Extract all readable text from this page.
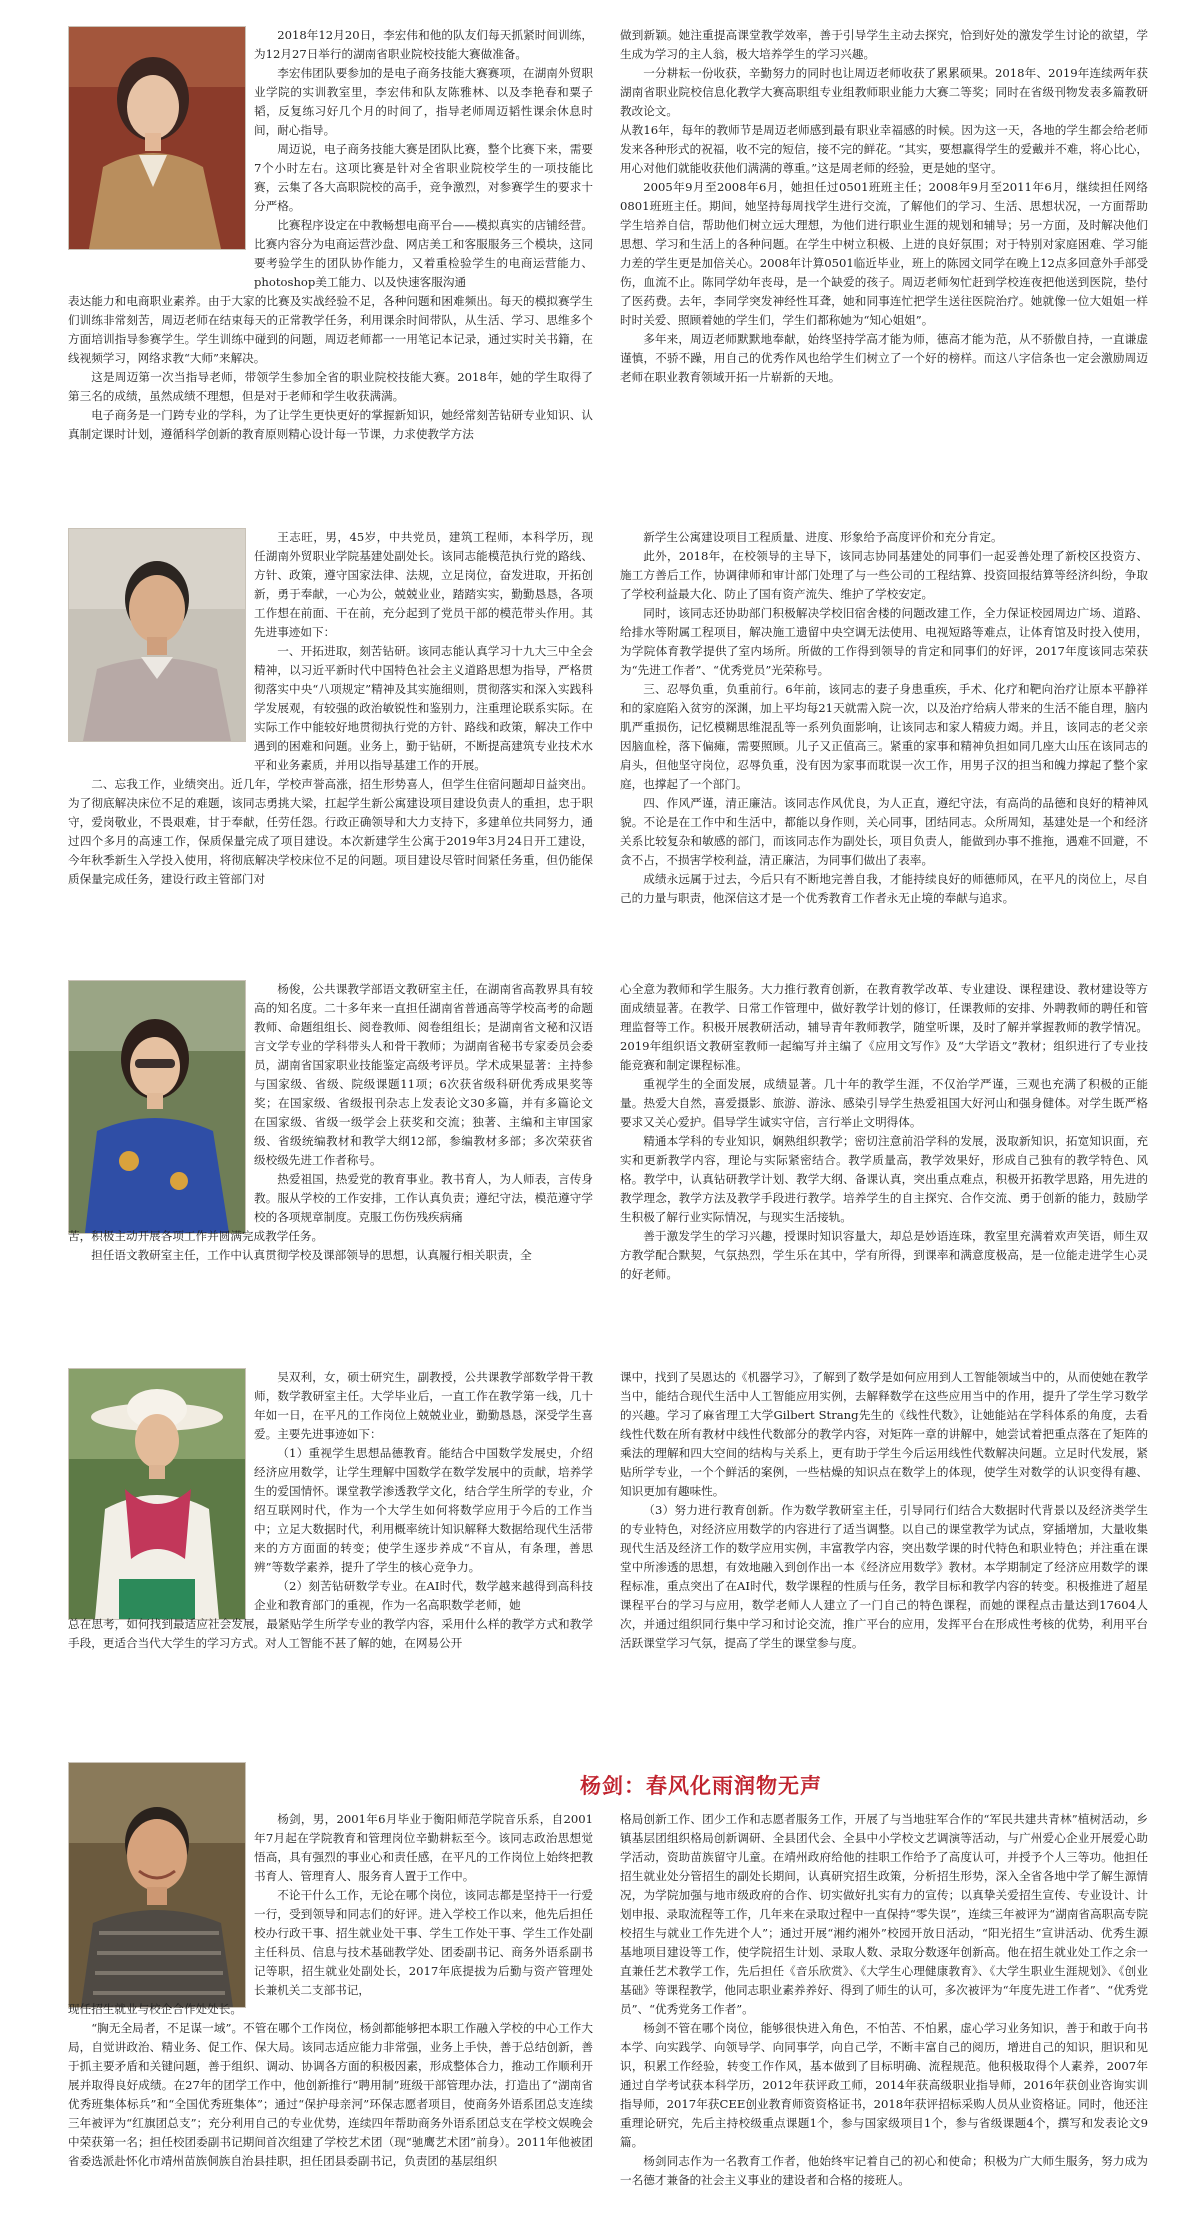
2018年12月20日，李宏伟和他的队友们每天抓紧时间训练，为12月27日举行的湖南省职业院校技能大赛做准备。

李宏伟团队要参加的是电子商务技能大赛赛项，在湖南外贸职业学院的实训教室里，李宏伟和队友陈雅林、以及李艳春和粟子韬，反复练习好几个月的时间了，指导老师周迈韬性课余休息时间，耐心指导。

周迈说，电子商务技能大赛是团队比赛，整个比赛下来，需要7个小时左右。这项比赛是针对全省职业院校学生的一项技能比赛，云集了各大高职院校的高手，竞争激烈，对参赛学生的要求十分严格。

比赛程序设定在中教畅想电商平台——模拟真实的店铺经营。比赛内容分为电商运营沙盘、网店美工和客服服务三个模块，这同要考验学生的团队协作能力，又着重检验学生的电商运营能力、photoshop美工能力、以及快速客服沟通

表达能力和电商职业素养。由于大家的比赛及实战经验不足，各种问题和困难频出。每天的模拟赛学生们训练非常刻苦，周迈老师在结束每天的正常教学任务，利用课余时间带队，从生活、学习、思维多个方面培训指导参赛学生。学生训练中碰到的问题，周迈老师都一一用笔记本记录，通过实时关书籍，在线视频学习，网络求教“大师”来解决。

这是周迈第一次当指导老师，带领学生参加全省的职业院校技能大赛。2018年，她的学生取得了第三名的成绩，虽然成绩不理想，但是对于老师和学生收获满满。

电子商务是一门跨专业的学科，为了让学生更快更好的掌握新知识，她经常刻苦钻研专业知识、认真制定课时计划，遵循科学创新的教育原则精心设计每一节课，力求使教学方法

做到新颖。她注重提高课堂教学效率，善于引导学生主动去探究，恰到好处的激发学生讨论的欲望，学生成为学习的主人翁，极大培养学生的学习兴趣。

一分耕耘一份收获，辛勤努力的同时也让周迈老师收获了累累硕果。2018年、2019年连续两年获湖南省职业院校信息化教学大赛高职组专业组教师职业能力大赛二等奖；同时在省级刊物发表多篇教研教改论文。

从教16年，每年的教师节是周迈老师感到最有职业幸福感的时候。因为这一天，各地的学生都会给老师发来各种形式的祝福，收不完的短信，接不完的鲜花。“其实，要想赢得学生的爱戴并不难，将心比心，用心对他们就能收获他们满满的尊重。”这是周老师的经验，更是她的坚守。

2005年9月至2008年6月，她担任过0501班班主任；2008年9月至2011年6月，继续担任网络0801班班主任。期间，她坚持每周找学生进行交流，了解他们的学习、生活、思想状况，一方面帮助学生培养自信，帮助他们树立远大理想，为他们进行职业生涯的规划和辅导；另一方面，及时解决他们思想、学习和生活上的各种问题。在学生中树立积极、上进的良好氛围；对于特别对家庭困难、学习能力差的学生更是加倍关心。2008年计算0501临近毕业，班上的陈园文同学在晚上12点多回意外手部受伤，血流不止。陈同学幼年丧母，是一个缺爱的孩子。周迈老师匆忙赶到学校连夜把他送到医院，垫付了医药费。去年，李同学突发神经性耳聋，她和同事连忙把学生送往医院治疗。她就像一位大姐姐一样时时关爱、照顾着她的学生们，学生们都称她为“知心姐姐”。

多年来，周迈老师默默地奉献，始终坚持学高才能为师，德高才能为范，从不骄傲自持，一直谦虚谨慎，不骄不躁，用自己的优秀作风也给学生们树立了一个好的榜样。而这八字信条也一定会激励周迈老师在职业教育领域开拓一片崭新的天地。

王志旺，男，45岁，中共党员，建筑工程师，本科学历，现任湖南外贸职业学院基建处副处长。该同志能模范执行党的路线、方针、政策，遵守国家法律、法规，立足岗位，奋发进取，开拓创新，勇于奉献，一心为公，兢兢业业，踏踏实实，勤勤恳恳，各项工作想在前面、干在前，充分起到了党员干部的模范带头作用。其先进事迹如下：

一、开拓进取，刻苦钻研。该同志能认真学习十九大三中全会精神，以习近平新时代中国特色社会主义道路思想为指导，严格贯彻落实中央“八项规定”精神及其实施细则，贯彻落实和深入实践科学发展观，有较强的政治敏锐性和鉴别力，注重理论联系实际。在实际工作中能较好地贯彻执行党的方针、路线和政策，解决工作中遇到的困难和问题。业务上，勤于钻研，不断提高建筑专业技术水平和业务素质，并用以指导基建工作的开展。

二、忘我工作，业绩突出。近几年，学校声誉高涨，招生形势喜人，但学生住宿问题却日益突出。为了彻底解决床位不足的难题，该同志勇挑大梁，扛起学生新公寓建设项目建设负责人的重担，忠于职守，爱岗敬业，不畏艰难，甘于奉献，任劳任怨。行政正确领导和大力支持下，多建单位共同努力，通过四个多月的高速工作，保质保量完成了项目建设。本次新建学生公寓于2019年3月24日开工建设，今年秋季新生入学投入使用，将彻底解决学校床位不足的问题。项目建设尽管时间紧任务重，但仍能保质保量完成任务，建设行政主管部门对

新学生公寓建设项目工程质量、进度、形象给予高度评价和充分肯定。

此外，2018年，在校领导的主导下，该同志协同基建处的同事们一起妥善处理了新校区投资方、施工方善后工作，协调律师和审计部门处理了与一些公司的工程结算、投资回报结算等经济纠纷，争取了学校利益最大化、防止了国有资产流失、维护了学校安定。

同时，该同志还协助部门积极解决学校旧宿舍楼的问题改建工作，全力保证校园周边广场、道路、给排水等附属工程项目，解决施工遗留中央空调无法使用、电视短路等难点，让体育馆及时投入使用，为学院体育教学提供了室内场所。所做的工作得到领导的肯定和同事们的好评，2017年度该同志荣获为“先进工作者”、“优秀党员”光荣称号。

三、忍辱负重，负重前行。6年前，该同志的妻子身患重疾，手术、化疗和靶向治疗让原本平静祥和的家庭陷入贫穷的深渊，加上平均每21天就需入院一次，以及治疗给病人带来的生活不能自理，脑内肌严重损伤，记忆模糊思维混乱等一系列负面影响，让该同志和家人精疲力竭。并且，该同志的老父亲因脑血栓，落下偏瘫，需要照顾。儿子又正值高三。紧重的家事和精神负担如同几座大山压在该同志的肩头，但他坚守岗位，忍辱负重，没有因为家事而耽误一次工作，用男子汉的担当和魄力撑起了整个家庭，也撑起了一个部门。

四、作风严谨，清正廉洁。该同志作风优良，为人正直，遵纪守法，有高尚的品德和良好的精神风貌。不论是在工作中和生活中，都能以身作则，关心同事，团结同志。众所周知，基建处是一个和经济关系比较复杂和敏感的部门，而该同志作为副处长，项目负责人，能做到办事不推拖，遇难不回避，不贪不占，不损害学校利益，清正廉洁，为同事们做出了表率。

成绩永远属于过去，今后只有不断地完善自我，才能持续良好的师德师风，在平凡的岗位上，尽自己的力量与职责，他深信这才是一个优秀教育工作者永无止境的奉献与追求。

杨俊，公共课教学部语文教研室主任，在湖南省高教界具有较高的知名度。二十多年来一直担任湖南省普通高等学校高考的命题教师、命题组组长、阅卷教师、阅卷组组长；是湖南省文秘和汉语言文学专业的学科带头人和骨干教师；为湖南省秘书专家委员会委员，湖南省国家职业技能鉴定高级考评员。学术成果显著：主持参与国家级、省级、院级课题11项；6次获省级科研优秀成果奖等奖；在国家级、省级报刊杂志上发表论文30多篇，并有多篇论文在国家级、省级一级学会上获奖和交流；独著、主编和主审国家级、省级统编教材和教学大纲12部，参编教材多部；多次荣获省级校级先进工作者称号。

热爱祖国，热爱党的教育事业。教书育人，为人师表，言传身教。服从学校的工作安排，工作认真负责；遵纪守法，模范遵守学校的各项规章制度。克服工伤伤残疾病痛

苦，积极主动开展各项工作并圆满完成教学任务。

担任语文教研室主任，工作中认真贯彻学校及课部领导的思想，认真履行相关职责，全

心全意为教师和学生服务。大力推行教育创新，在教育教学改革、专业建设、课程建设、教材建设等方面成绩显著。在教学、日常工作管理中，做好教学计划的修订，任课教师的安排、外聘教师的聘任和管理监督等工作。积极开展教研活动，辅导青年教师教学，随堂听课，及时了解并掌握教师的教学情况。2019年组织语文教研室教师一起编写并主编了《应用文写作》及“大学语文”教材；组织进行了专业技能竞赛和制定课程标准。

重视学生的全面发展，成绩显著。几十年的教学生涯，不仅治学严谨，三观也充满了积极的正能量。热爱大自然，喜爱摄影、旅游、游泳、感染引导学生热爱祖国大好河山和强身健体。对学生既严格要求又关心爱护。倡导学生诚实守信，言行举止文明得体。

精通本学科的专业知识，娴熟组织教学；密切注意前沿学科的发展，汲取新知识，拓宽知识面，充实和更新教学内容，理论与实际紧密结合。教学质量高，教学效果好，形成自己独有的教学特色、风格。教学中，认真钻研教学计划、教学大纲、备课认真，突出重点难点，积极开拓教学思路，用先进的教学理念，教学方法及教学手段进行教学。培养学生的自主探究、合作交流、勇于创新的能力，鼓励学生积极了解行业实际情况，与现实生活接轨。

善于激发学生的学习兴趣，授课时知识容量大，却总是妙语连珠，教室里充满着欢声笑语，师生双方教学配合默契，气氛热烈，学生乐在其中，学有所得，到课率和满意度极高，是一位能走进学生心灵的好老师。

吴双利，女，硕士研究生，副教授，公共课教学部数学骨干教师，数学教研室主任。大学毕业后，一直工作在教学第一线，几十年如一日，在平凡的工作岗位上兢兢业业，勤勤恳恳，深受学生喜爱。主要先进事迹如下：

（1）重视学生思想品德教育。能结合中国数学发展史，介绍经济应用数学，让学生理解中国数学在数学发展中的贡献，培养学生的爱国情怀。课堂教学渗透教学文化，结合学生所学的专业，介绍互联网时代，作为一个大学生如何将数学应用于今后的工作当中；立足大数据时代，利用概率统计知识解释大数据给现代生活带来的方方面面的转变；使学生逐步养成“不盲从，有条理，善思辨”等数学素养，提升了学生的核心竞争力。

（2）刻苦钻研数学专业。在AI时代，数学越来越得到高科技企业和教育部门的重视，作为一名高职数学老师，她

总在思考，如何找到最适应社会发展，最紧贴学生所学专业的教学内容，采用什么样的教学方式和教学手段，更适合当代大学生的学习方式。对人工智能不甚了解的她，在网易公开

课中，找到了吴恩达的《机器学习》，了解到了数学是如何应用到人工智能领域当中的，从而使她在教学当中，能结合现代生活中人工智能应用实例，去解释数学在这些应用当中的作用，提升了学生学习数学的兴趣。学习了麻省理工大学Gilbert Strang先生的《线性代数》，让她能站在学科体系的角度，去看线性代数在所有教材中线性代数部分的教学内容，对矩阵一章的讲解中，她尝试着把重点落在了矩阵的乘法的理解和四大空间的结构与关系上，更有助于学生今后运用线性代数解决问题。立足时代发展，紧贴所学专业，一个个鲜活的案例，一些枯燥的知识点在数学上的体现，使学生对数学的认识变得有趣、知识更加有趣味性。

（3）努力进行教育创新。作为数学教研室主任，引导同行们结合大数据时代背景以及经济类学生的专业特色，对经济应用数学的内容进行了适当调整。以自己的课堂教学为试点，穿插增加，大量收集现代生活及经济工作的数学应用实例，丰富教学内容，突出数学课的时代特色和职业特色；并注重在课堂中所渗透的思想，有效地融入到创作出一本《经济应用数学》教材。本学期制定了经济应用数学的课程标准，重点突出了在AI时代，数学课程的性质与任务，教学目标和教学内容的转变。积极推进了超星课程平台的学习与应用，数学老师人人建立了一门自己的特色课程，而她的课程点击量达到17604人次，并通过组织同行集中学习和讨论交流，推广平台的应用，发挥平台在形成性考核的优势，利用平台活跃课堂学习气氛，提高了学生的课堂参与度。

杨剑：春风化雨润物无声

杨剑，男，2001年6月毕业于衡阳师范学院音乐系，自2001年7月起在学院教育和管理岗位辛勤耕耘至今。该同志政治思想觉悟高，具有强烈的事业心和责任感，在平凡的工作岗位上始终把教书育人、管理育人、服务育人置于工作中。

不论干什么工作，无论在哪个岗位，该同志都是坚持干一行爱一行，受到领导和同志们的好评。进入学校工作以来，他先后担任校办行政干事、招生就业处干事、学生工作处干事、学生工作处副主任科员、信息与技术基础教学处、团委副书记、商务外语系副书记等职，招生就业处副处长，2017年底提拔为后勤与资产管理处长兼机关二支部书记，

现任招生就业与校企合作处处长。

“胸无全局者，不足谋一域”。不管在哪个工作岗位，杨剑都能够把本职工作融入学校的中心工作大局，自觉讲政治、精业务、促工作、保大局。该同志适应能力非常强，业务上手快，善于总结创新，善于抓主要矛盾和关键问题，善于组织、调动、协调各方面的积极因素，形成整体合力，推动工作顺利开展并取得良好成绩。在27年的团学工作中，他创新推行“聘用制”班级干部管理办法，打造出了“湖南省优秀班集体标兵”和“全国优秀班集体”；通过“保护母亲河”环保志愿者项目，使商务外语系团总支连续三年被评为“红旗团总支”；充分利用自己的专业优势，连续四年帮助商务外语系团总支在学校文娱晚会中荣获第一名；担任校团委副书记期间首次组建了学校艺术团（现“驰鹰艺术团”前身）。2011年他被团省委选派赴怀化市靖州苗族侗族自治县挂职，担任团县委副书记，负责团的基层组织

格局创新工作、团少工作和志愿者服务工作，开展了与当地驻军合作的“军民共建共青林”植树活动，乡镇基层团组织格局创新调研、全县团代会、全县中小学校文艺调演等活动，与广州爱心企业开展爱心助学活动，资助苗族留守儿童。在靖州政府给他的挂职工作给予了高度认可，并授予个人三等功。他担任招生就业处分管招生的副处长期间，认真研究招生政策，分析招生形势，深入全省各地中学了解生源情况，为学院加强与地市级政府的合作、切实做好扎实有力的宣传；以真挚关爱招生宣传、专业设计、计划申报、录取流程等工作，几年来在录取过程中一直保持“零失误”，连续三年被评为“湖南省高职高专院校招生与就业工作先进个人”；通过开展“湘约湘外”校园开放日活动，“阳光招生”宣讲活动、优秀生源基地项目建设等工作，使学院招生计划、录取人数、录取分数逐年创新高。他在招生就业处工作之余一直兼任艺术教学工作，先后担任《音乐欣赏》、《大学生心理健康教育》、《大学生职业生涯规划》、《创业基础》等课程教学，他同志职业素养养好、得到了师生的认可，多次被评为“年度先进工作者”、“优秀党员”、“优秀党务工作者”。

杨剑不管在哪个岗位，能够很快进入角色，不怕苦、不怕累，虚心学习业务知识，善于和敢于向书本学、向实践学、向领导学、向同事学，向自己学，不断丰富自己的阅历，增进自己的知识，胆识和见识，积累工作经验，转变工作作风，基本做到了目标明确、流程规范。他积极取得个人素养，2007年通过自学考试获本科学历，2012年获评政工师，2014年获高级职业指导师，2016年获创业咨询实训指导师，2017年获CEE创业教育师资资格证书，2018年获评招标采购人员从业资格证。同时，他还注重理论研究，先后主持校级重点课题1个，参与国家级项目1个，参与省级课题4个，撰写和发表论文9篇。

杨剑同志作为一名教育工作者，他始终牢记着自己的初心和使命；积极为广大师生服务，努力成为一名德才兼备的社会主义事业的建设者和合格的接班人。
